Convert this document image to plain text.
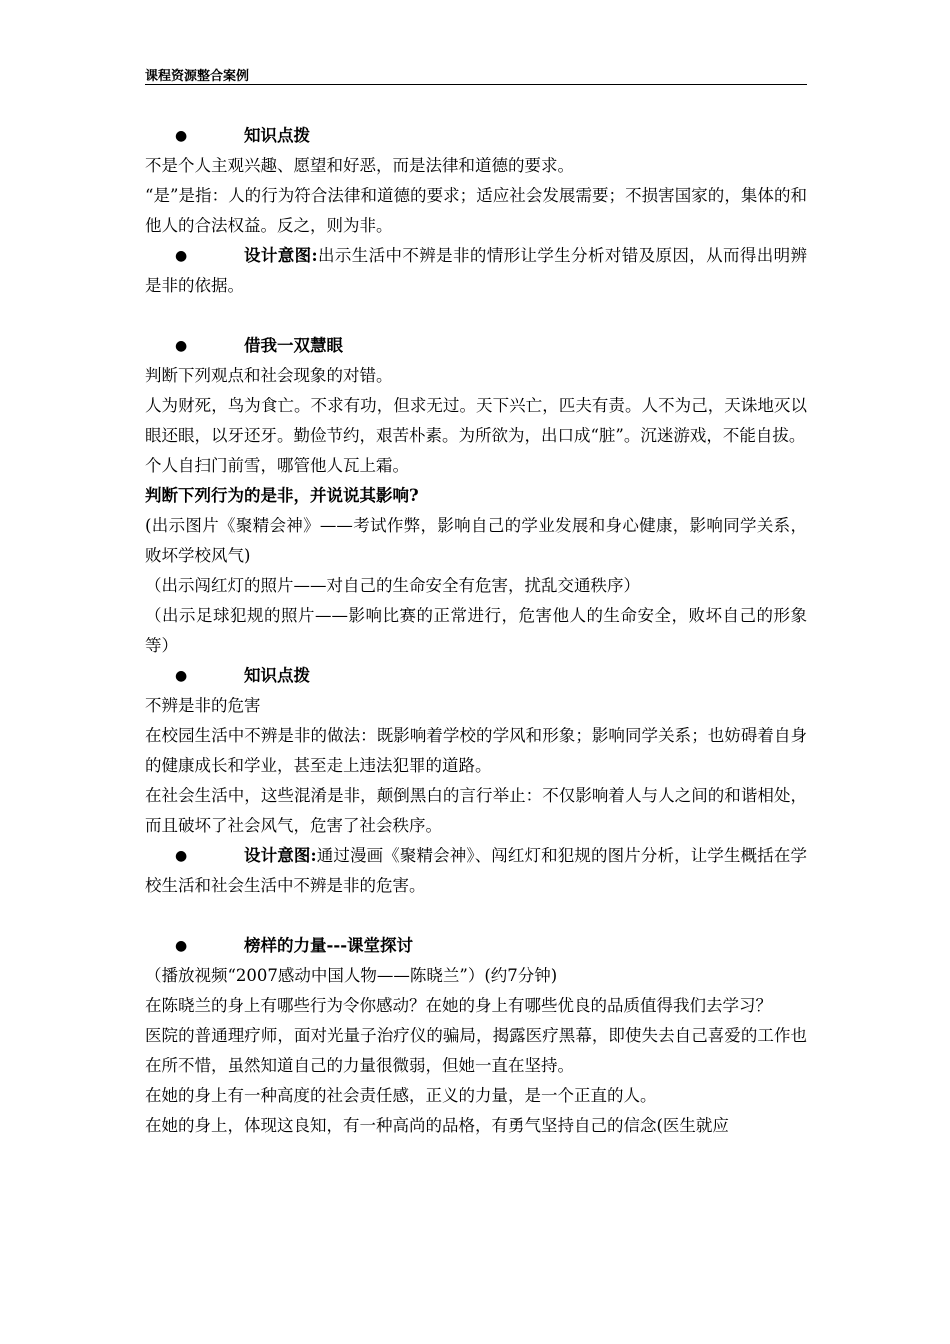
课程资源整合案例
●	知识点拨
不是个人主观兴趣、愿望和好恶，而是法律和道德的要求。
“是”是指：人的行为符合法律和道德的要求；适应社会发展需要；不损害国家的，集体的和他人的合法权益。反之，则为非。
●	设计意图:出示生活中不辨是非的情形让学生分析对错及原因，从而得出明辨是非的依据。
●	借我一双慧眼
判断下列观点和社会现象的对错。
人为财死，鸟为食亡。不求有功，但求无过。天下兴亡，匹夫有责。人不为己，天诛地灭以眼还眼，以牙还牙。勤俭节约，艰苦朴素。为所欲为，出口成“脏”。沉迷游戏，不能自拔。
个人自扫门前雪，哪管他人瓦上霜。
判断下列行为的是非，并说说其影响?
(出示图片《聚精会神》——考试作弊，影响自己的学业发展和身心健康，影响同学关系，败坏学校风气)
（出示闯红灯的照片——对自己的生命安全有危害，扰乱交通秩序）
（出示足球犯规的照片——影响比赛的正常进行，危害他人的生命安全，败坏自己的形象等）
●	知识点拨
不辨是非的危害
在校园生活中不辨是非的做法：既影响着学校的学风和形象；影响同学关系；也妨碍着自身的健康成长和学业，甚至走上违法犯罪的道路。
在社会生活中，这些混淆是非，颠倒黑白的言行举止：不仅影响着人与人之间的和谐相处，而且破坏了社会风气，危害了社会秩序。
●	设计意图:通过漫画《聚精会神》、闯红灯和犯规的图片分析，让学生概括在学校生活和社会生活中不辨是非的危害。
●	榜样的力量---课堂探讨
（播放视频“2007感动中国人物——陈晓兰”）(约7分钟)
在陈晓兰的身上有哪些行为令你感动？在她的身上有哪些优良的品质值得我们去学习？
医院的普通理疗师，面对光量子治疗仪的骗局，揭露医疗黑幕，即使失去自己喜爱的工作也在所不惜，虽然知道自己的力量很微弱，但她一直在坚持。
在她的身上有一种高度的社会责任感，正义的力量，是一个正直的人。
在她的身上，体现这良知，有一种高尚的品格，有勇气坚持自己的信念(医生就应
